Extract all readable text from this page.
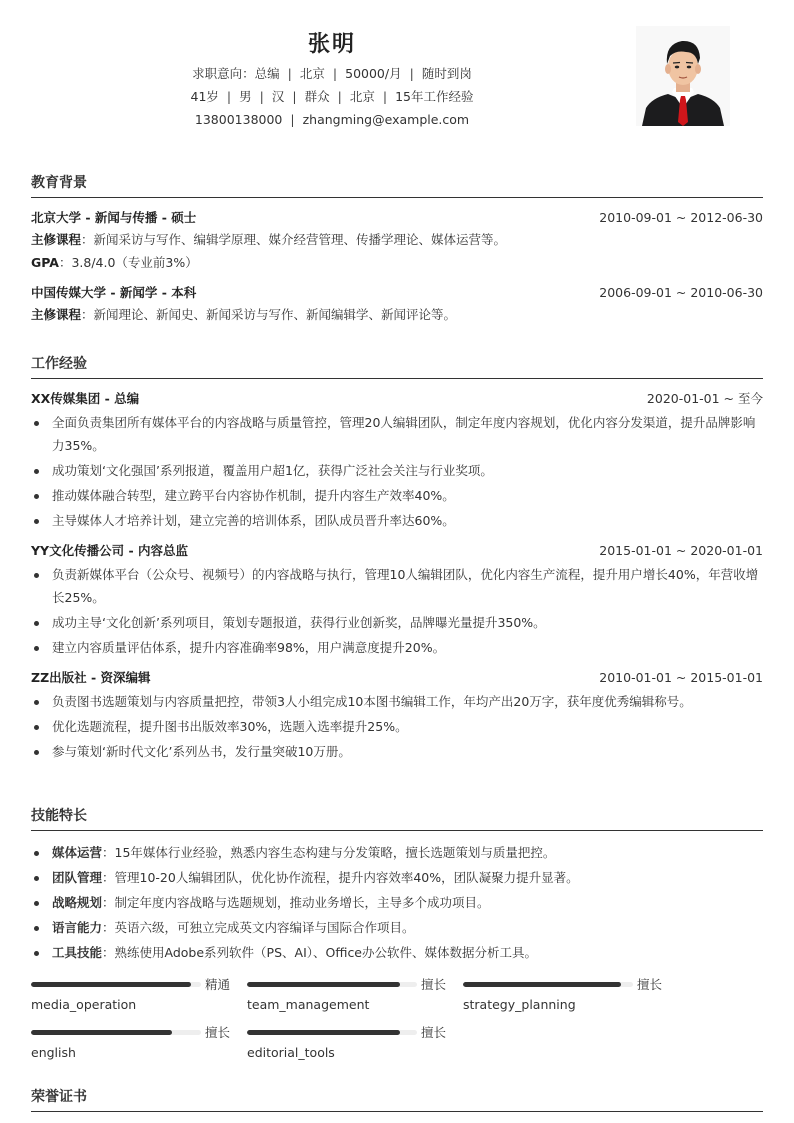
张明
求职意向：总编 | 北京 | 50000/月 | 随时到岗
41岁 | 男 | 汉 | 群众 | 北京 | 15年工作经验
13800138000 | zhangming@example.com
教育背景
北京大学 - 新闻与传播 - 硕士	2010-09-01 ~ 2012-06-30
主修课程：新闻采访与写作、编辑学原理、媒介经营管理、传播学理论、媒体运营等。
GPA：3.8/4.0（专业前3%）
中国传媒大学 - 新闻学 - 本科	2006-09-01 ~ 2010-06-30
主修课程：新闻理论、新闻史、新闻采访与写作、新闻编辑学、新闻评论等。
工作经验
XX传媒集团 - 总编	2020-01-01 ~ 至今
全面负责集团所有媒体平台的内容战略与质量管控，管理20人编辑团队，制定年度内容规划，优化内容分发渠道，提升品牌影响力35%。
成功策划‘文化强国’系列报道，覆盖用户超1亿，获得广泛社会关注与行业奖项。
推动媒体融合转型，建立跨平台内容协作机制，提升内容生产效率40%。
主导媒体人才培养计划，建立完善的培训体系，团队成员晋升率达60%。
YY文化传播公司 - 内容总监	2015-01-01 ~ 2020-01-01
负责新媒体平台（公众号、视频号）的内容战略与执行，管理10人编辑团队，优化内容生产流程，提升用户增长40%，年营收增长25%。
成功主导‘文化创新’系列项目，策划专题报道，获得行业创新奖，品牌曝光量提升350%。
建立内容质量评估体系，提升内容准确率98%，用户满意度提升20%。
ZZ出版社 - 资深编辑	2010-01-01 ~ 2015-01-01
负责图书选题策划与内容质量把控，带领3人小组完成10本图书编辑工作，年均产出20万字，获年度优秀编辑称号。
优化选题流程，提升图书出版效率30%，选题入选率提升25%。
参与策划‘新时代文化’系列丛书，发行量突破10万册。
技能特长
媒体运营：15年媒体行业经验，熟悉内容生态构建与分发策略，擅长选题策划与质量把控。
团队管理：管理10-20人编辑团队，优化协作流程，提升内容效率40%，团队凝聚力提升显著。
战略规划：制定年度内容战略与选题规划，推动业务增长，主导多个成功项目。
语言能力：英语六级，可独立完成英文内容编译与国际合作项目。
工具技能：熟练使用Adobe系列软件（PS、AI）、Office办公软件、媒体数据分析工具。
精通
media_operation
擅长
team_management
擅长
strategy_planning
擅长
english
擅长
editorial_tools
荣誉证书
